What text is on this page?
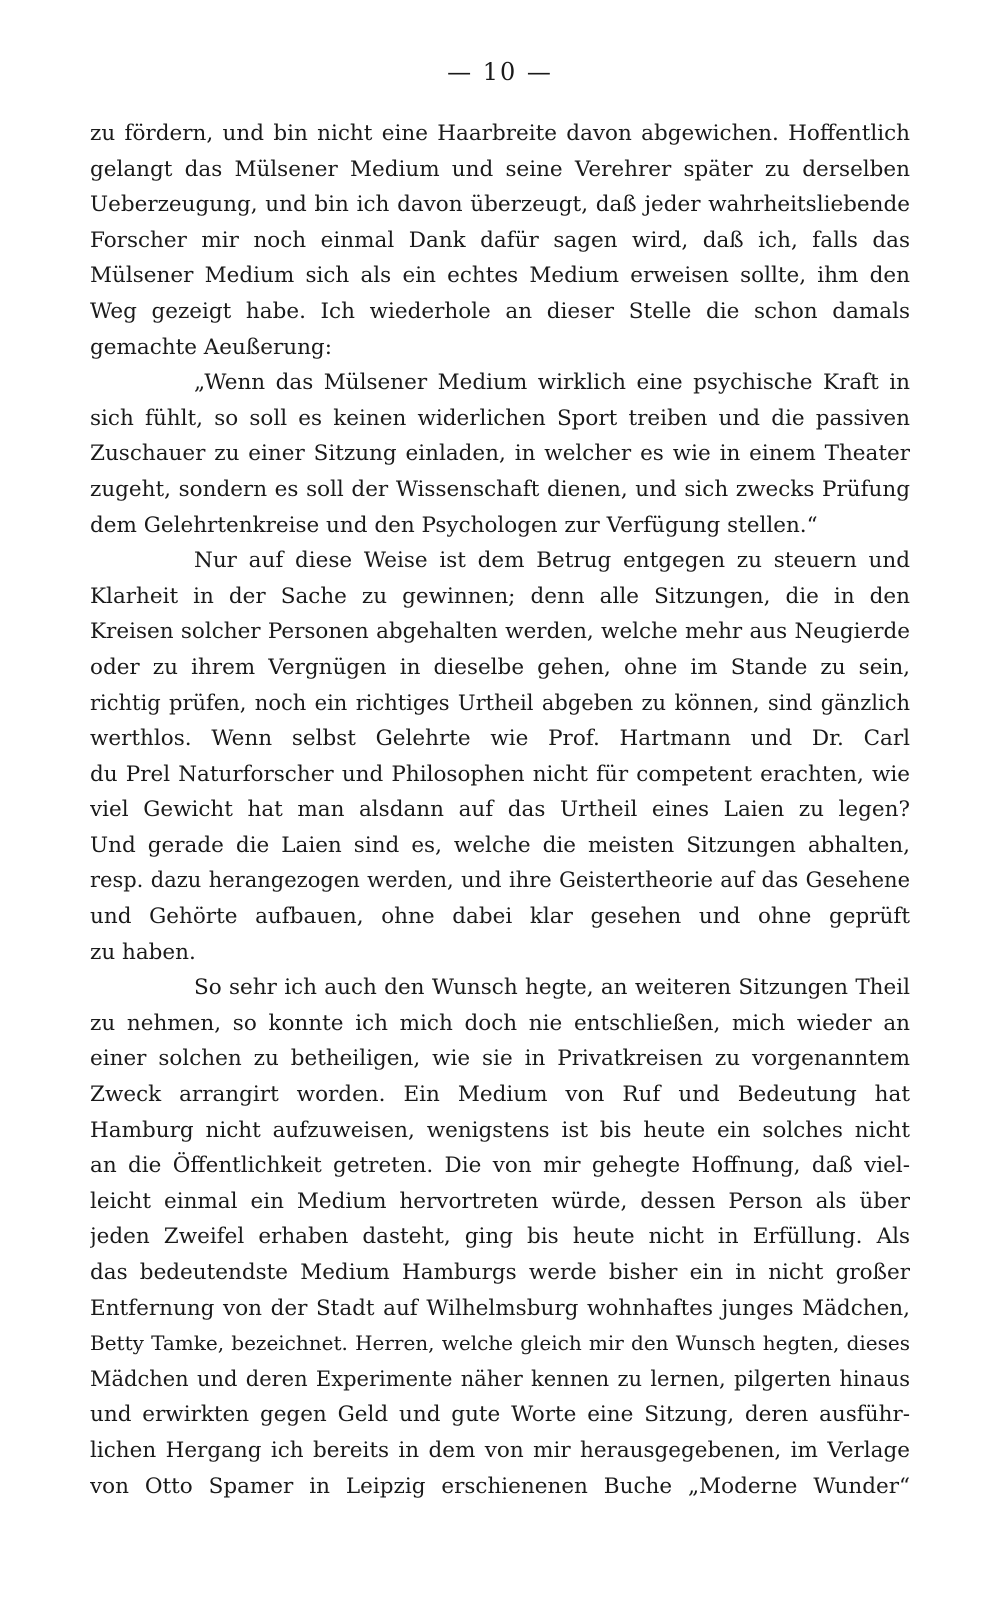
— 10 —
zu fördern, und bin nicht eine Haarbreite davon abgewichen. Hoffentlich
gelangt das Mülsener Medium und seine Verehrer später zu derselben
Ueberzeugung, und bin ich davon überzeugt, daß jeder wahrheitsliebende
Forscher mir noch einmal Dank dafür sagen wird, daß ich, falls das
Mülsener Medium sich als ein echtes Medium erweisen sollte, ihm den
Weg gezeigt habe. Ich wiederhole an dieser Stelle die schon damals
gemachte Aeußerung:
„Wenn das Mülsener Medium wirklich eine psychische Kraft in
sich fühlt, so soll es keinen widerlichen Sport treiben und die passiven
Zuschauer zu einer Sitzung einladen, in welcher es wie in einem Theater
zugeht, sondern es soll der Wissenschaft dienen, und sich zwecks Prüfung
dem Gelehrtenkreise und den Psychologen zur Verfügung stellen.“
Nur auf diese Weise ist dem Betrug entgegen zu steuern und
Klarheit in der Sache zu gewinnen; denn alle Sitzungen, die in den
Kreisen solcher Personen abgehalten werden, welche mehr aus Neugierde
oder zu ihrem Vergnügen in dieselbe gehen, ohne im Stande zu sein,
richtig prüfen, noch ein richtiges Urtheil abgeben zu können, sind gänzlich
werthlos. Wenn selbst Gelehrte wie Prof. Hartmann und Dr. Carl
du Prel Naturforscher und Philosophen nicht für competent erachten, wie
viel Gewicht hat man alsdann auf das Urtheil eines Laien zu legen?
Und gerade die Laien sind es, welche die meisten Sitzungen abhalten,
resp. dazu herangezogen werden, und ihre Geistertheorie auf das Gesehene
und Gehörte aufbauen, ohne dabei klar gesehen und ohne geprüft
zu haben.
So sehr ich auch den Wunsch hegte, an weiteren Sitzungen Theil
zu nehmen, so konnte ich mich doch nie entschließen, mich wieder an
einer solchen zu betheiligen, wie sie in Privatkreisen zu vorgenanntem
Zweck arrangirt worden. Ein Medium von Ruf und Bedeutung hat
Hamburg nicht aufzuweisen, wenigstens ist bis heute ein solches nicht
an die Öffentlichkeit getreten. Die von mir gehegte Hoffnung, daß viel-
leicht einmal ein Medium hervortreten würde, dessen Person als über
jeden Zweifel erhaben dasteht, ging bis heute nicht in Erfüllung. Als
das bedeutendste Medium Hamburgs werde bisher ein in nicht großer
Entfernung von der Stadt auf Wilhelmsburg wohnhaftes junges Mädchen,
Betty Tamke, bezeichnet. Herren, welche gleich mir den Wunsch hegten, dieses
Mädchen und deren Experimente näher kennen zu lernen, pilgerten hinaus
und erwirkten gegen Geld und gute Worte eine Sitzung, deren ausführ-
lichen Hergang ich bereits in dem von mir herausgegebenen, im Verlage
von Otto Spamer in Leipzig erschienenen Buche „Moderne Wunder“
